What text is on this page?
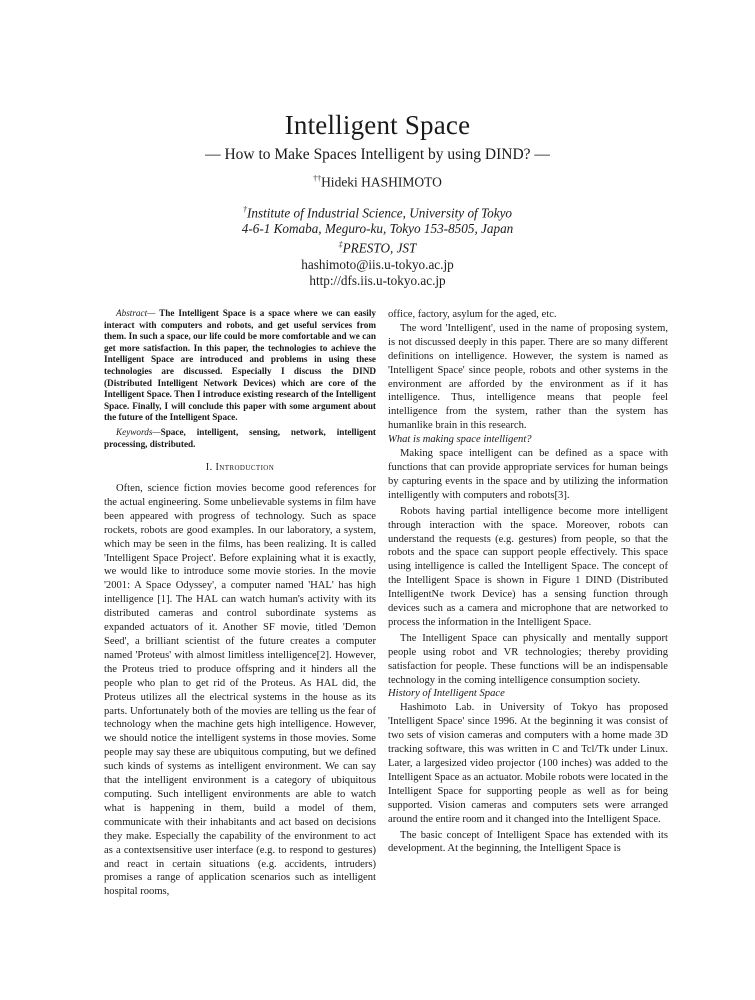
Intelligent Space
— How to Make Spaces Intelligent by using DIND? —
††Hideki HASHIMOTO
†Institute of Industrial Science, University of Tokyo
4-6-1 Komaba, Meguro-ku, Tokyo 153-8505, Japan
‡PRESTO, JST
hashimoto@iis.u-tokyo.ac.jp
http://dfs.iis.u-tokyo.ac.jp

Abstract— The Intelligent Space is a space where we can easily interact with computers and robots, and get useful services from them. In such a space, our life could be more comfortable and we can get more satisfaction. In this paper, the technologies to achieve the Intelligent Space are introduced and problems in using these technologies are discussed. Especially I discuss the DIND (Distributed Intelligent Network Devices) which are core of the Intelligent Space. Then I introduce existing research of the Intelligent Space. Finally, I will conclude this paper with some argument about the future of the Intelligent Space.

Keywords—Space, intelligent, sensing, network, intelligent processing, distributed.

I. Introduction

Often, science fiction movies become good references for the actual engineering. Some unbelievable systems in film have been appeared with progress of technology. Such as space rockets, robots are good examples. In our laboratory, a system, which may be seen in the films, has been realizing. It is called 'Intelligent Space Project'. Before explaining what it is exactly, we would like to introduce some movie stories. In the movie '2001: A Space Odyssey', a computer named 'HAL' has high intelligence [1]. The HAL can watch human's activity with its distributed cameras and control subordinate systems as expanded actuators of it. Another SF movie, titled 'Demon Seed', a brilliant scientist of the future creates a computer named 'Proteus' with almost limitless intelligence[2]. However, the Proteus tried to produce offspring and it hinders all the people who plan to get rid of the Proteus. As HAL did, the Proteus utilizes all the electrical systems in the house as its parts. Unfortunately both of the movies are telling us the fear of technology when the machine gets high intelligence. However, we should notice the intelligent systems in those movies. Some people may say these are ubiquitous computing, but we defined such kinds of systems as intelligent environment. We can say that the intelligent environment is a category of ubiquitous computing. Such intelligent environments are able to watch what is happening in them, build a model of them, communicate with their inhabitants and act based on decisions they make. Especially the capability of the environment to act as a contextsensitive user interface (e.g. to respond to gestures) and react in certain situations (e.g. accidents, intruders) promises a range of application scenarios such as intelligent hospital rooms,

office, factory, asylum for the aged, etc.

The word 'Intelligent', used in the name of proposing system, is not discussed deeply in this paper. There are so many different definitions on intelligence. However, the system is named as 'Intelligent Space' since people, robots and other systems in the environment are afforded by the environment as if it has intelligence. Thus, intelligence means that people feel intelligence from the system, rather than the system has humanlike brain in this research.

What is making space intelligent?

Making space intelligent can be defined as a space with functions that can provide appropriate services for human beings by capturing events in the space and by utilizing the information intelligently with computers and robots[3].

Robots having partial intelligence become more intelligent through interaction with the space. Moreover, robots can understand the requests (e.g. gestures) from people, so that the robots and the space can support people effectively. This space using intelligence is called the Intelligent Space. The concept of the Intelligent Space is shown in Figure 1 DIND (Distributed IntelligentNe twork Device) has a sensing function through devices such as a camera and microphone that are networked to process the information in the Intelligent Space.

The Intelligent Space can physically and mentally support people using robot and VR technologies; thereby providing satisfaction for people. These functions will be an indispensable technology in the coming intelligence consumption society.

History of Intelligent Space

Hashimoto Lab. in University of Tokyo has proposed 'Intelligent Space' since 1996. At the beginning it was consist of two sets of vision cameras and computers with a home made 3D tracking software, this was written in C and Tcl/Tk under Linux. Later, a largesized video projector (100 inches) was added to the Intelligent Space as an actuator. Mobile robots were located in the Intelligent Space for supporting people as well as for being supported. Vision cameras and computers sets were arranged around the entire room and it changed into the Intelligent Space.

The basic concept of Intelligent Space has extended with its development. At the beginning, the Intelligent Space is
